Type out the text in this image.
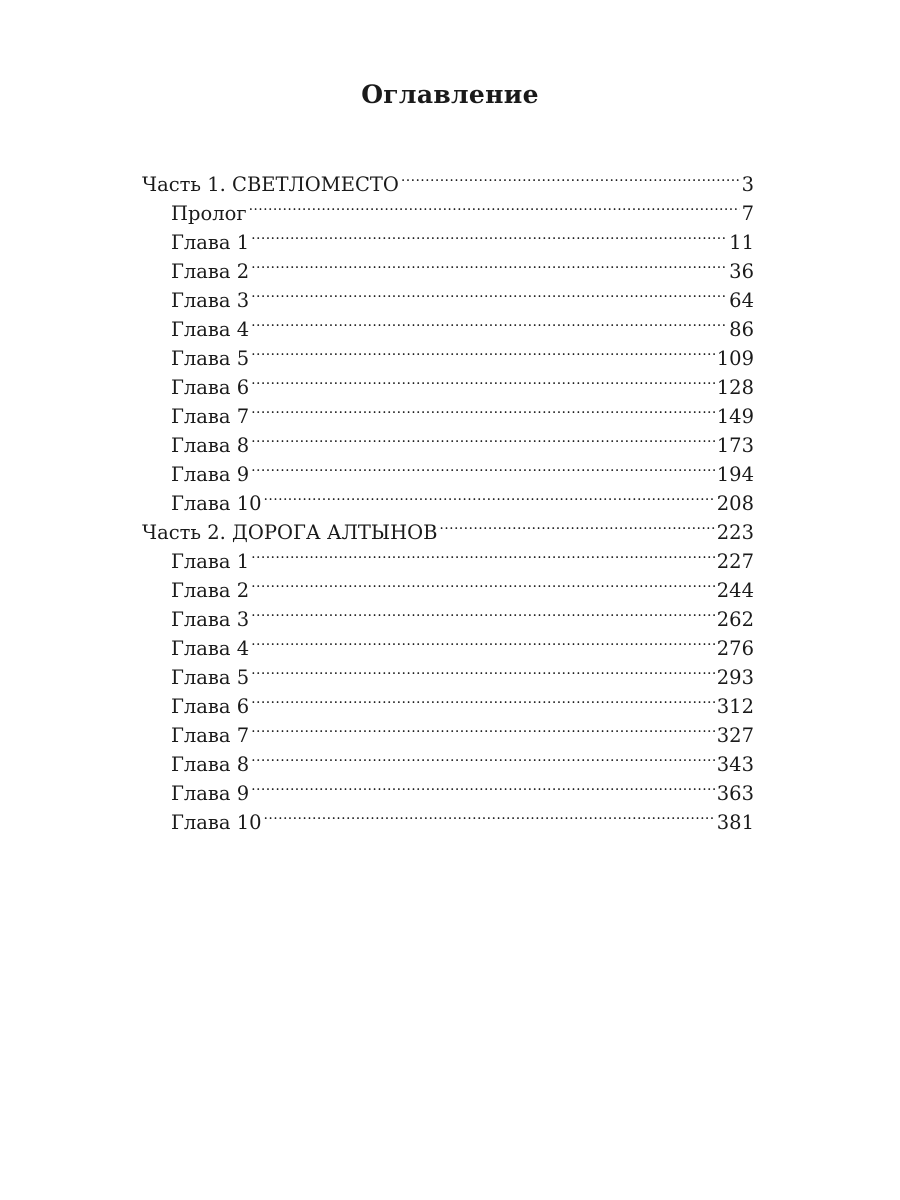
Оглавление
Часть 1. СВЕТЛОМЕСТО .....	3
Пролог .....	7
Глава 1 .....	11
Глава 2 .....	36
Глава 3 .....	64
Глава 4 .....	86
Глава 5 .....	109
Глава 6 .....	128
Глава 7 .....	149
Глава 8 .....	173
Глава 9 .....	194
Глава 10 .....	208
Часть 2. ДОРОГА АЛТЫНОВ .....	223
Глава 1 .....	227
Глава 2 .....	244
Глава 3 .....	262
Глава 4 .....	276
Глава 5 .....	293
Глава 6 .....	312
Глава 7 .....	327
Глава 8 .....	343
Глава 9 .....	363
Глава 10 .....	381
